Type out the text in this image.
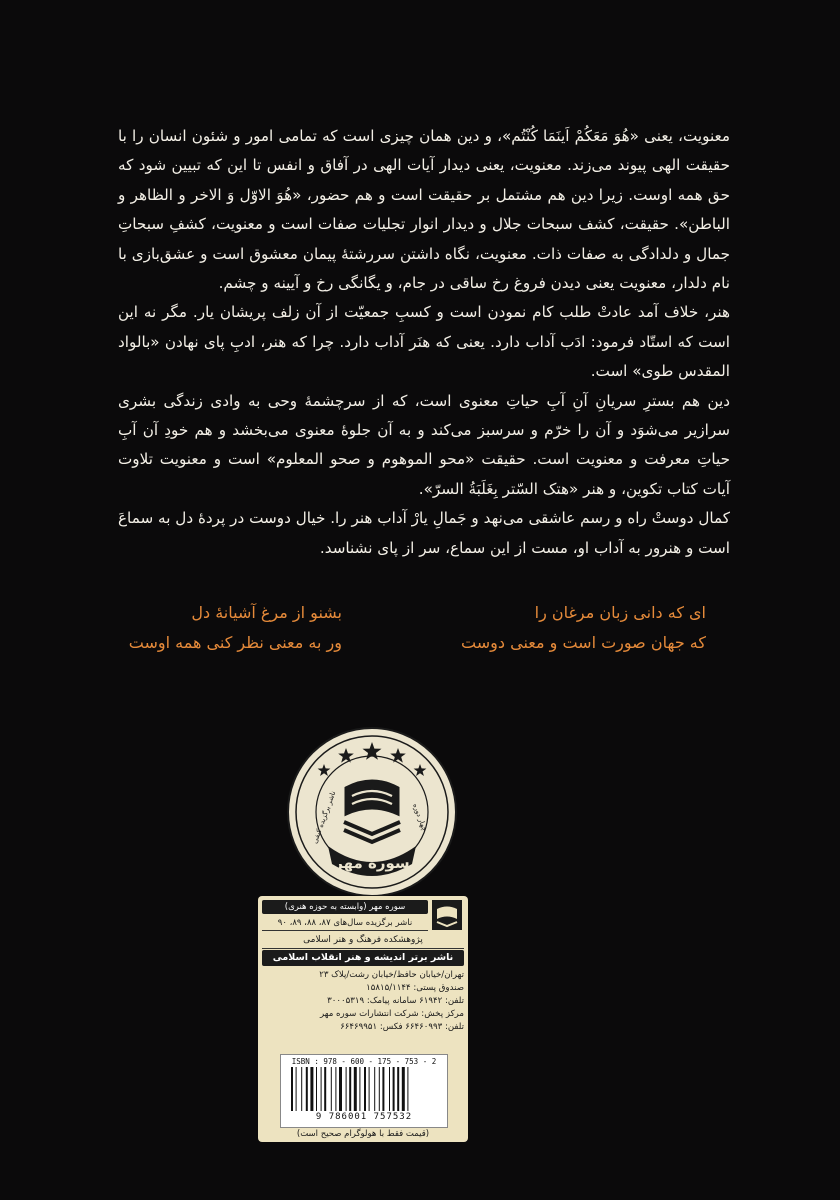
معنویت، یعنی «هُوَ مَعَکُمْ اَینَمَا کُنْتُم»، و دین همان چیزی است که تمامی امور و شئون انسان را با حقیقت الهی پیوند می‌زند. معنویت، یعنی دیدار آیات الهی در آفاق و انفس تا این که تبیین شود که حق همه اوست. زیرا دین هم مشتمل بر حقیقت است و هم حضور، «هُوَ الاوّل وَ الاخر و الظاهر و الباطن». حقیقت، کشف سبحات جلال و دیدار انوار تجلیات صفات است و معنویت، کشفِ سبحاتِ جمال و دلدادگی به صفات ذات. معنویت، نگاه داشتن سررشتهٔ پیمان معشوق است و عشق‌بازی با نام دلدار، معنویت یعنی دیدن فروغ رخ ساقی در جام، و یگانگی رخ و آیینه و چشم.

هنر، خلاف آمد عادتْ طلب کام نمودن است و کسبِ جمعیّت از آن زلف پریشان یار. مگر نه این است که استّاد فرمود: ادَب آداب دارد. یعنی که هنَر آداب دارد. چرا که هنر، ادبِ پای نهادن «بالواد المقدس طوی» است.

دین هم بسترِ سریانِ آنِ آبِ حیاتِ معنوی است، که از سرچشمهٔ وحی به وادی زندگی بشری سرازیر می‌شوَد و آن را خرّم و سرسبز می‌کند و به آن جلوهٔ معنوی می‌بخشد و هم خودِ آن آبِ حیاتِ معرفت و معنویت است. حقیقت «محو الموهوم و صحو المعلوم» است و معنویت تلاوت آیات کتاب تکوین، و هنر «هتک السّتر بِغَلَبَةُ السرّ».

کمال دوستْ راه و رسم عاشقی می‌نهد و جَمالِ یارْ آداب هنر را. خیال دوست در پردهٔ دل به سماعَ است و هنرور به آداب او، مست از این سماع، سر از پای نشناسد.

ای که دانی زبان مرغان را
که جهان صورت است و معنی دوست
بشنو از مرغ آشیانهٔ دل
ور به معنی نظر کنی همه اوست
سوره مهر
ناشر برگزیده کیفی	چهار دوره
سوره مهر (وابسته به حوزه هنری)
ناشر برگزیده سال‌های ۸۷، ۸۸، ۸۹، ۹۰
پژوهشکده فرهنگ و هنر اسلامی
ناشر برتر اندیشه و هنر انقلاب اسلامی
تهران/خیابان حافظ/خیابان رشت/پلاک ۲۳
صندوق پستی: ۱۵۸۱۵/۱۱۴۴
تلفن: ۶۱۹۴۲ سامانه پیامک: ۳۰۰۰۵۳۱۹
مرکز پخش: شرکت انتشارات سوره مهر
تلفن: ۶۶۴۶۰۹۹۳ فکس: ۶۶۴۶۹۹۵۱
ISBN : 978 - 600 - 175 - 753 - 2
9 786001 757532
(قیمت فقط با هولوگرام صحیح است)
